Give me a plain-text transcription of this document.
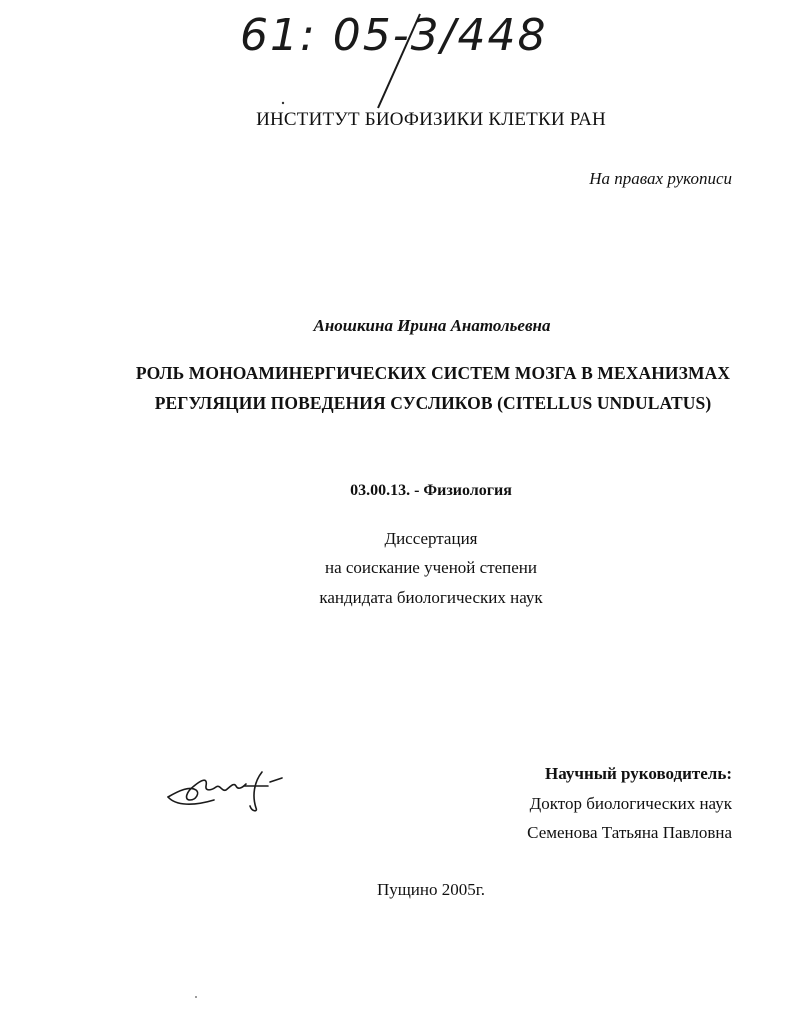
61: 05-3/448
ИНСТИТУТ БИОФИЗИКИ КЛЕТКИ РАН
На правах рукописи
Аношкина Ирина Анатольевна
РОЛЬ МОНОАМИНЕРГИЧЕСКИХ СИСТЕМ МОЗГА В МЕХАНИЗМАХ
РЕГУЛЯЦИИ ПОВЕДЕНИЯ СУСЛИКОВ (CITELLUS UNDULATUS)
03.00.13. - Физиология
Диссертация
на соискание ученой степени
кандидата биологических наук
Научный руководитель:
Доктор биологических наук
Семенова Татьяна Павловна
Пущино 2005г.
